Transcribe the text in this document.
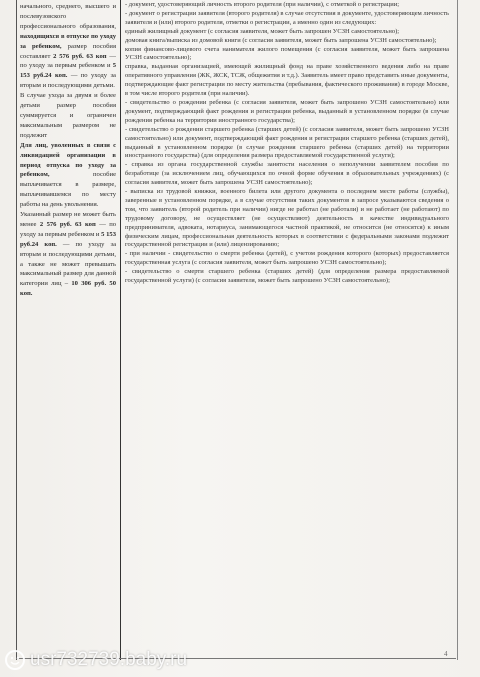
начального, среднего, высшего и послевузовского профессионального образования, находящихся в отпуске по уходу за ребенком, размер пособия составляет 2 576 руб. 63 коп — по уходу за первым ребенком и 5 153 руб.24 коп. — по уходу за вторым и последующими детьми.

В случае ухода за двумя и более детьми размер пособия суммируется и ограничен максимальным размером не подлежит

Для лиц, уволенных в связи с ликвидацией организации в период отпуска по уходу за ребенком,	пособие выплачивается в размере, выплачивавшемся по месту работы на день увольнения.

Указанный размер не может быть менее 2 576 руб. 63 коп — по уходу за первым ребенком и 5 153 руб.24 коп. — по уходу за вторым и последующими детьми, а также не может превышать максимальный размер для данной категории лиц – 10 306 руб. 50 коп.

- документ, удостоверяющий личность второго родителя (при наличии), с отметкой о регистрации;

- документ о регистрации заявителя (второго родителя) в случае отсутствия в документе, удостоверяющем личность заявителя и (или) второго родителя, отметки о регистрации, а именно один из следующих:

единый жилищный документ (с согласия заявителя, может быть запрошен УСЗН самостоятельно);

домовая книга/выписка из домовой книги (с согласия заявителя, может быть запрошена УСЗН самостоятельно);

копия финансово-лицевого счета нанимателя жилого помещения (с согласия заявителя, может быть запрошена УСЗН самостоятельно);

справка, выданная организацией, имеющей жилищный фонд на праве хозяйственного ведения либо на праве оперативного управления (ЖК, ЖСК, ТСЖ, общежития и т.д.). Заявитель имеет право представить иные документы, подтверждающие факт регистрации по месту жительства (пребывания, фактического проживания) в городе Москве, в том числе второго родителя (при наличии).

- свидетельство о рождении ребенка (с согласия заявителя, может быть запрошено УСЗН самостоятельно) или документ, подтверждающий факт рождения и регистрации ребенка, выданный в установленном порядке (в случае рождения ребенка на территории иностранного государства);

- свидетельство о рождении старшего ребенка (старших детей) (с согласия заявителя, может быть запрошено УСЗН самостоятельно) или документ, подтверждающий факт рождения и регистрации старшего ребенка (старших детей), выданный в установленном порядке (в случае рождения старшего ребенка (старших детей) на территории иностранного государства) (для определения размера предоставляемой государственной услуги);

- справка из органа государственной службы занятости населения о неполучении заявителем пособия по безработице (за исключением лиц, обучающихся по очной форме обучения в образовательных учреждениях) (с согласия заявителя, может быть запрошена УСЗН самостоятельно);

- выписка из трудовой книжки, военного билета или другого документа о последнем месте работы (службы), заверенные в установленном порядке, а в случае отсутствия таких документов в запросе указываются сведения о том, что заявитель (второй родитель при наличии) нигде не работал (не работали) и не работает (не работают) по трудовому договору, не осуществляет (не осуществляют) деятельность в качестве индивидуального предпринимателя, адвоката, нотариуса, занимающегося частной практикой, не относится (не относятся) к иным физическим лицам, профессиональная деятельность которых в соответствии с федеральными законами подлежит государственной регистрации и (или) лицензированию;

- при наличии - свидетельство о смерти ребенка (детей), с учетом рождения которого (которых) предоставляется государственная услуга (с согласия заявителя, может быть запрошено УСЗН самостоятельно);

- свидетельство о смерти старшего ребенка (старших детей) (для определения размера предоставляемой государственной услуги) (с согласия заявителя, может быть запрошено УСЗН самостоятельно);

4
usr732739.baby.ru
